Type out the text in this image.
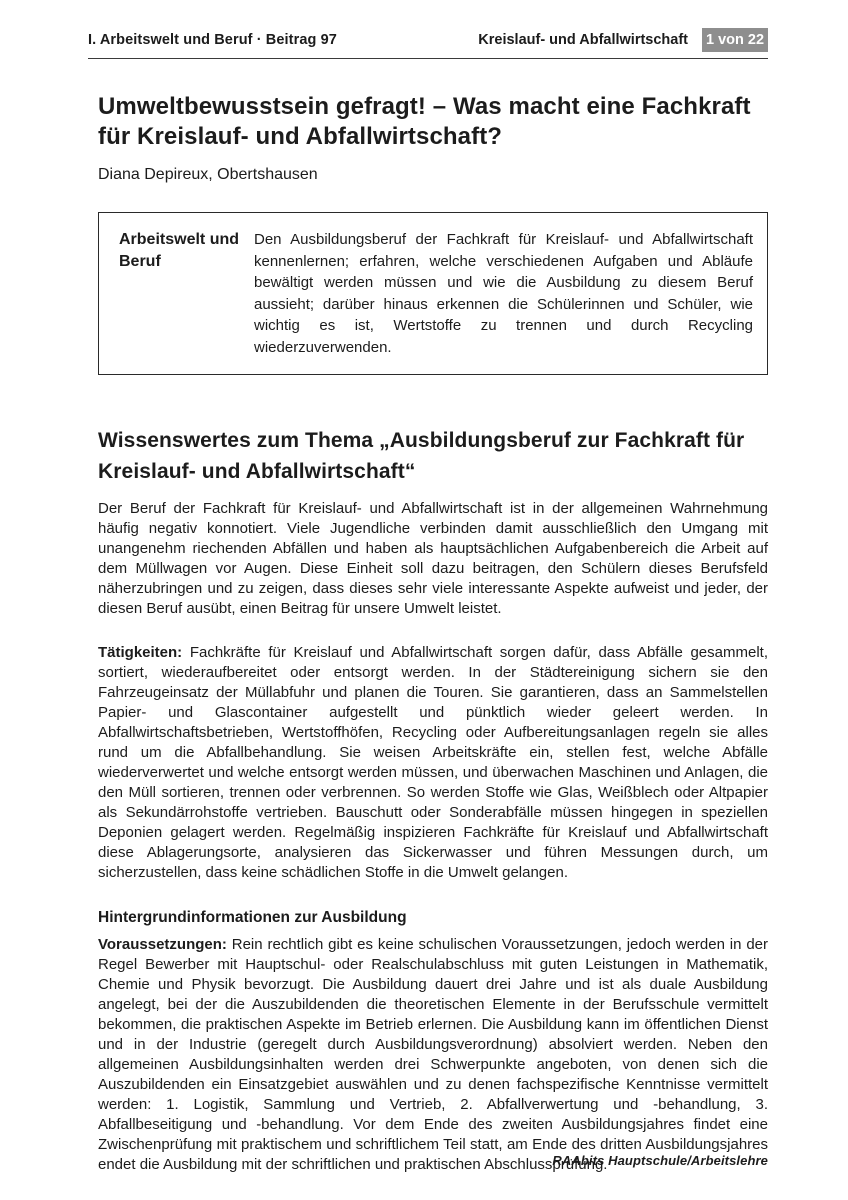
I. Arbeitswelt und Beruf · Beitrag 97	Kreislauf- und Abfallwirtschaft 1 von 22
Umweltbewusstsein gefragt! – Was macht eine Fachkraft für Kreislauf- und Abfallwirtschaft?
Diana Depireux, Obertshausen
Arbeitswelt und Beruf
Den Ausbildungsberuf der Fachkraft für Kreislauf- und Abfallwirtschaft kennenlernen; erfahren, welche verschiedenen Aufgaben und Abläufe bewältigt werden müssen und wie die Ausbildung zu diesem Beruf aussieht; darüber hinaus erkennen die Schülerinnen und Schüler, wie wichtig es ist, Wertstoffe zu trennen und durch Recycling wiederzuverwenden.
Wissenswertes zum Thema „Ausbildungsberuf zur Fachkraft für Kreislauf- und Abfallwirtschaft“

Der Beruf der Fachkraft für Kreislauf- und Abfallwirtschaft ist in der allgemeinen Wahrnehmung häufig negativ konnotiert. Viele Jugendliche verbinden damit ausschließlich den Umgang mit unangenehm riechenden Abfällen und haben als hauptsächlichen Aufgabenbereich die Arbeit auf dem Müllwagen vor Augen. Diese Einheit soll dazu beitragen, den Schülern dieses Berufsfeld näherzubringen und zu zeigen, dass dieses sehr viele interessante Aspekte aufweist und jeder, der diesen Beruf ausübt, einen Beitrag für unsere Umwelt leistet.

Tätigkeiten: Fachkräfte für Kreislauf und Abfallwirtschaft sorgen dafür, dass Abfälle gesammelt, sortiert, wiederaufbereitet oder entsorgt werden. In der Städtereinigung sichern sie den Fahrzeugeinsatz der Müllabfuhr und planen die Touren. Sie garantieren, dass an Sammelstellen Papier- und Glascontainer aufgestellt und pünktlich wieder geleert werden. In Abfallwirtschaftsbetrieben, Wertstoffhöfen, Recycling oder Aufbereitungsanlagen regeln sie alles rund um die Abfallbehandlung. Sie weisen Arbeitskräfte ein, stellen fest, welche Abfälle wiederverwertet und welche entsorgt werden müssen, und überwachen Maschinen und Anlagen, die den Müll sortieren, trennen oder verbrennen. So werden Stoffe wie Glas, Weißblech oder Altpapier als Sekundärrohstoffe vertrieben. Bauschutt oder Sonderabfälle müssen hingegen in speziellen Deponien gelagert werden. Regelmäßig inspizieren Fachkräfte für Kreislauf und Abfallwirtschaft diese Ablagerungsorte, analysieren das Sickerwasser und führen Messungen durch, um sicherzustellen, dass keine schädlichen Stoffe in die Umwelt gelangen.

Hintergrundinformationen zur Ausbildung

Voraussetzungen: Rein rechtlich gibt es keine schulischen Voraussetzungen, jedoch werden in der Regel Bewerber mit Hauptschul- oder Realschulabschluss mit guten Leistungen in Mathematik, Chemie und Physik bevorzugt. Die Ausbildung dauert drei Jahre und ist als duale Ausbildung angelegt, bei der die Auszubildenden die theoretischen Elemente in der Berufsschule vermittelt bekommen, die praktischen Aspekte im Betrieb erlernen. Die Ausbildung kann im öffentlichen Dienst und in der Industrie (geregelt durch Ausbildungsverordnung) absolviert werden. Neben den allgemeinen Ausbildungsinhalten werden drei Schwerpunkte angeboten, von denen sich die Auszubildenden ein Einsatzgebiet auswählen und zu denen fachspezifische Kenntnisse vermittelt werden: 1. Logistik, Sammlung und Vertrieb, 2. Abfallverwertung und -behandlung, 3. Abfallbeseitigung und -behandlung. Vor dem Ende des zweiten Ausbildungsjahres findet eine Zwischenprüfung mit praktischem und schriftlichem Teil statt, am Ende des dritten Ausbildungsjahres endet die Ausbildung mit der schriftlichen und praktischen Abschlussprüfung.

RAAbits Hauptschule/Arbeitslehre
